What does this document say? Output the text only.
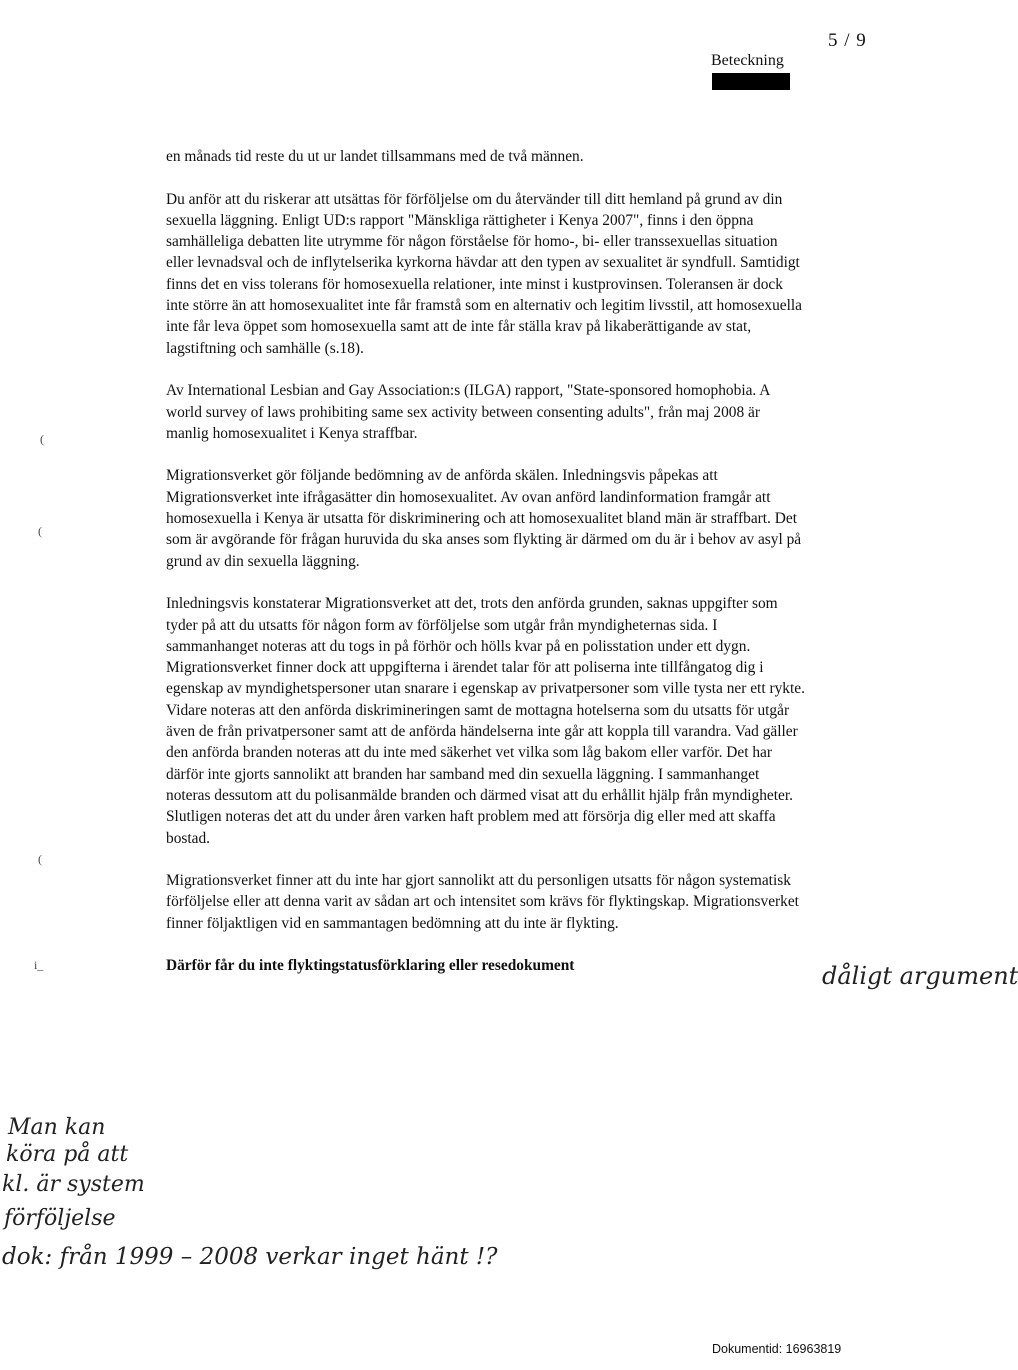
Beteckning
5 / 9
(
(
(
i_

en månads tid reste du ut ur landet tillsammans med de två männen.

Du anför att du riskerar att utsättas för förföljelse om du återvänder till ditt hemland på grund av din sexuella läggning. Enligt UD:s rapport "Mänskliga rättigheter i Kenya 2007", finns i den öppna samhälleliga debatten lite utrymme för någon förståelse för homo-, bi- eller transsexuellas situation eller levnadsval och de inflytelserika kyrkorna hävdar att den typen av sexualitet är syndfull. Samtidigt finns det en viss tolerans för homosexuella relationer, inte minst i kustprovinsen. Toleransen är dock inte större än att homosexualitet inte får framstå som en alternativ och legitim livsstil, att homosexuella inte får leva öppet som homosexuella samt att de inte får ställa krav på likaberättigande av stat, lagstiftning och samhälle (s.18).

Av International Lesbian and Gay Association:s (ILGA) rapport, "State-sponsored homophobia. A world survey of laws prohibiting same sex activity between consenting adults", från maj 2008 är manlig homosexualitet i Kenya straffbar.

Migrationsverket gör följande bedömning av de anförda skälen. Inledningsvis påpekas att Migrationsverket inte ifrågasätter din homosexualitet. Av ovan anförd landinformation framgår att homosexuella i Kenya är utsatta för diskriminering och att homosexualitet bland män är straffbart. Det som är avgörande för frågan huruvida du ska anses som flykting är därmed om du är i behov av asyl på grund av din sexuella läggning.

Inledningsvis konstaterar Migrationsverket att det, trots den anförda grunden, saknas uppgifter som tyder på att du utsatts för någon form av förföljelse som utgår från myndigheternas sida. I sammanhanget noteras att du togs in på förhör och hölls kvar på en polisstation under ett dygn. Migrationsverket finner dock att uppgifterna i ärendet talar för att poliserna inte tillfångatog dig i egenskap av myndighetspersoner utan snarare i egenskap av privatpersoner som ville tysta ner ett rykte. Vidare noteras att den anförda diskrimineringen samt de mottagna hotelserna som du utsatts för utgår även de från privatpersoner samt att de anförda händelserna inte går att koppla till varandra. Vad gäller den anförda branden noteras att du inte med säkerhet vet vilka som låg bakom eller varför. Det har därför inte gjorts sannolikt att branden har samband med din sexuella läggning. I sammanhanget noteras dessutom att du polisanmälde branden och därmed visat att du erhållit hjälp från myndigheter. Slutligen noteras det att du under åren varken haft problem med att försörja dig eller med att skaffa bostad.

Migrationsverket finner att du inte har gjort sannolikt att du personligen utsatts för någon systematisk förföljelse eller att denna varit av sådan art och intensitet som krävs för flyktingskap. Migrationsverket finner följaktligen vid en sammantagen bedömning att du inte är flykting.

Därför får du inte flyktingstatusförklaring eller resedokument

Man kan
köra på att
kl. är system
förföljelse
dok: från 1999 – 2008 verkar inget hänt !?
dåligt argument
Dokumentid: 16963819
